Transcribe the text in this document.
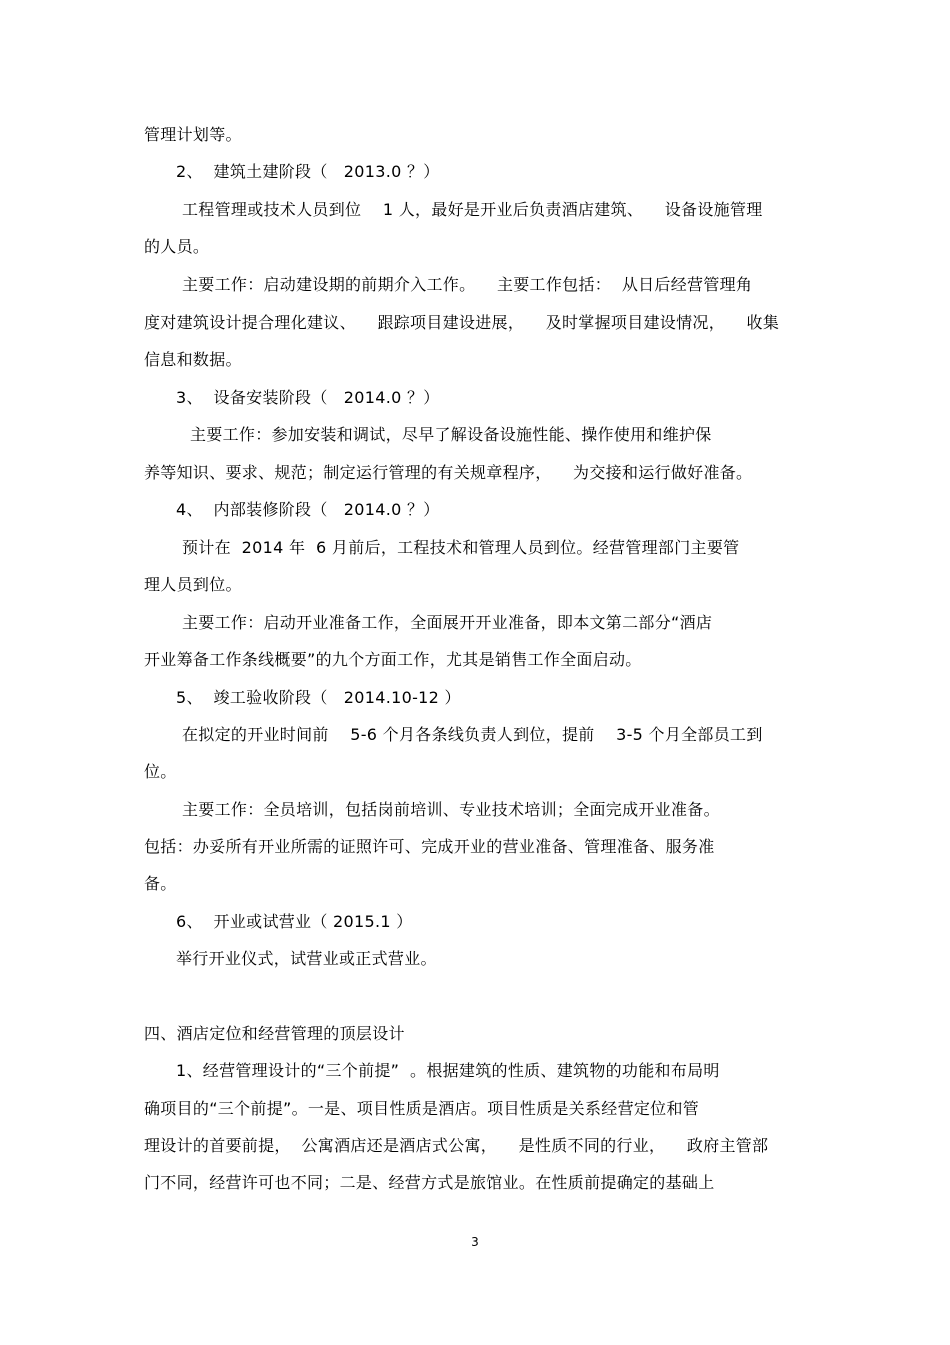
管理计划等。
2、  建筑土建阶段（   2013.0 ？）
工程管理或技术人员到位    1 人，最好是开业后负责酒店建筑、    设备设施管理
的人员。
主要工作：启动建设期的前期介入工作。    主要工作包括：  从日后经营管理角
度对建筑设计提合理化建议、    跟踪项目建设进展，    及时掌握项目建设情况，    收集
信息和数据。
3、  设备安装阶段（   2014.0 ？）
主要工作：参加安装和调试，尽早了解设备设施性能、操作使用和维护保
养等知识、要求、规范；制定运行管理的有关规章程序，    为交接和运行做好准备。
4、  内部装修阶段（   2014.0 ？）
预计在  2014 年  6 月前后，工程技术和管理人员到位。经营管理部门主要管
理人员到位。
主要工作：启动开业准备工作，全面展开开业准备，即本文第二部分“酒店
开业筹备工作条线概要”的九个方面工作，尤其是销售工作全面启动。
5、  竣工验收阶段（   2014.10-12 ）
在拟定的开业时间前    5-6 个月各条线负责人到位，提前    3-5 个月全部员工到
位。
主要工作：全员培训，包括岗前培训、专业技术培训；全面完成开业准备。
包括：办妥所有开业所需的证照许可、完成开业的营业准备、管理准备、服务准
备。
6、  开业或试营业（ 2015.1 ）
举行开业仪式，试营业或正式营业。
四、酒店定位和经营管理的顶层设计
1、经营管理设计的“三个前提”  。根据建筑的性质、建筑物的功能和布局明
确项目的“三个前提”。一是、项目性质是酒店。项目性质是关系经营定位和管
理设计的首要前提，  公寓酒店还是酒店式公寓，    是性质不同的行业，    政府主管部
门不同，经营许可也不同；二是、经营方式是旅馆业。在性质前提确定的基础上
3
